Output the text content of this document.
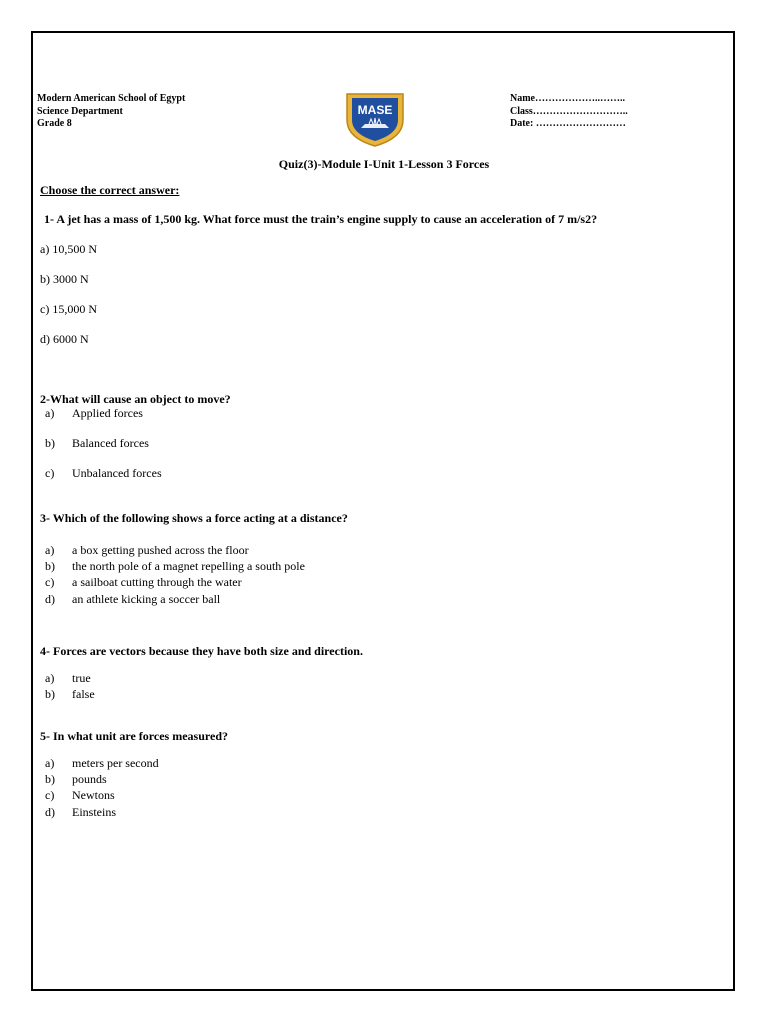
Modern American School of Egypt
Science Department
Grade 8
MASE
Name………………..……..
Class………………………..
Date: ………………………
Quiz(3)-Module I-Unit 1-Lesson 3 Forces
Choose the correct answer:
1- A jet has a mass of 1,500 kg. What force must the train’s engine supply to cause an acceleration of 7 m/s2?
a) 10,500 N
b) 3000 N
c) 15,000 N
d) 6000 N
2-What will cause an object to move?
a) Applied forces
b) Balanced forces
c) Unbalanced forces
3- Which of the following shows a force acting at a distance?
a) a box getting pushed across the floor
b) the north pole of a magnet repelling a south pole
c) a sailboat cutting through the water
d) an athlete kicking a soccer ball
4- Forces are vectors because they have both size and direction.
a) true
b) false
5- In what unit are forces measured?
a) meters per second
b) pounds
c) Newtons
d) Einsteins
